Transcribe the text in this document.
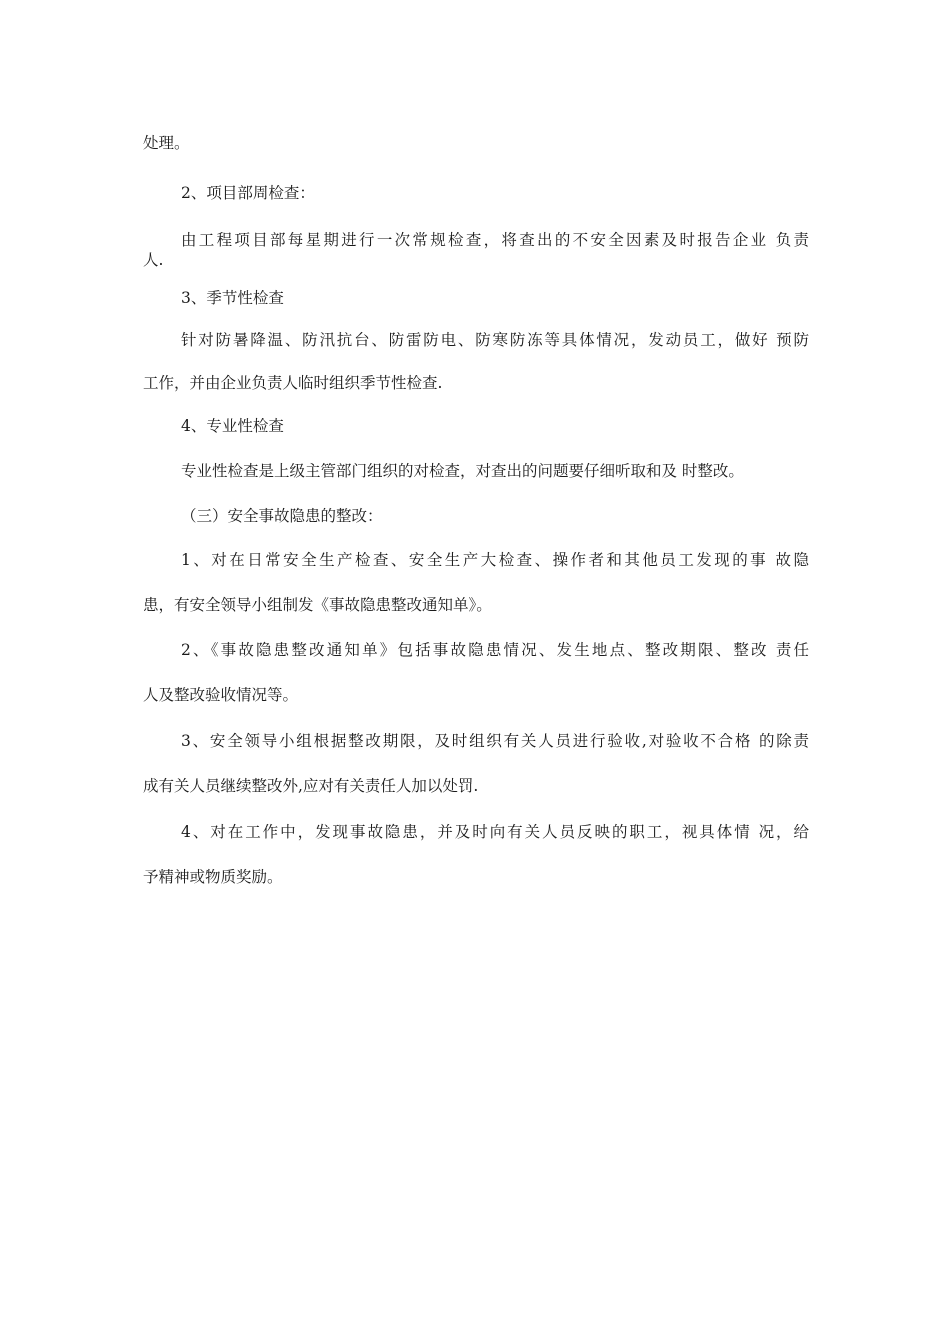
处理。
2、项目部周检查：
由工程项目部每星期进行一次常规检查，将查出的不安全因素及时报告企业 负责
人.
3、季节性检查
针对防暑降温、防汛抗台、防雷防电、防寒防冻等具体情况，发动员工，做好 预防
工作，并由企业负责人临时组织季节性检查.
4、专业性检查
专业性检查是上级主管部门组织的对检查，对查出的问题要仔细听取和及 时整改。
（三）安全事故隐患的整改：
1、对在日常安全生产检查、安全生产大检查、操作者和其他员工发现的事 故隐
患，有安全领导小组制发《事故隐患整改通知单》。
2、《事故隐患整改通知单》包括事故隐患情况、发生地点、整改期限、整改 责任
人及整改验收情况等。
3、安全领导小组根据整改期限，及时组织有关人员进行验收,对验收不合格 的除责
成有关人员继续整改外,应对有关责任人加以处罚.
4、对在工作中，发现事故隐患，并及时向有关人员反映的职工，视具体情 况，给
予精神或物质奖励。
